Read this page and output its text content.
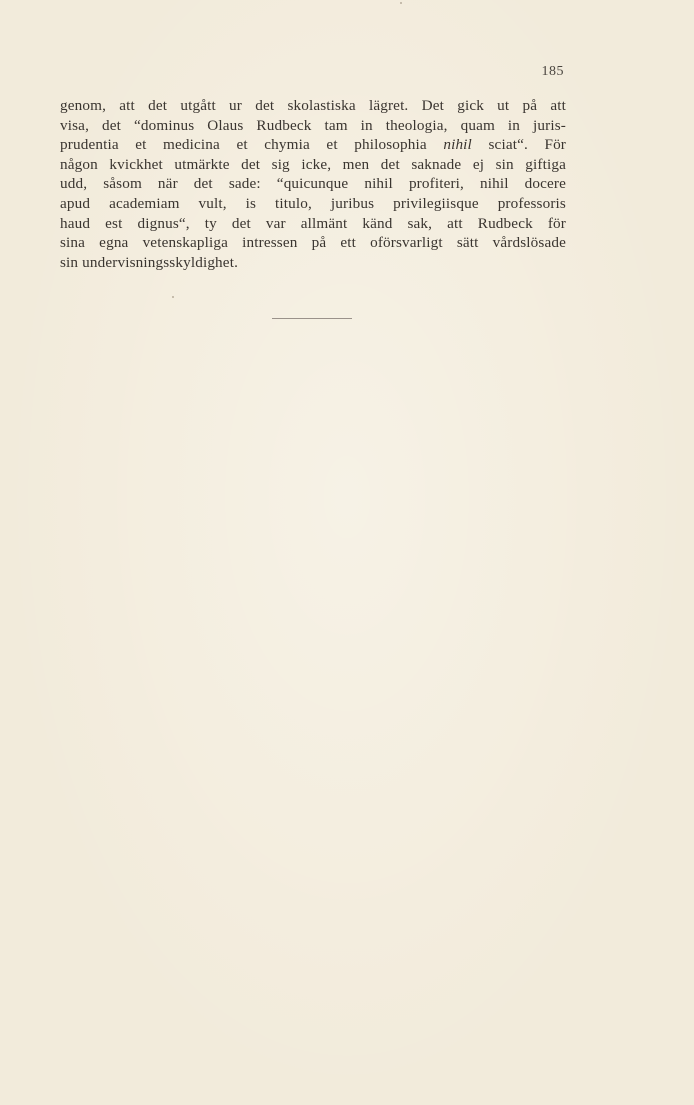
185
genom, att det utgått ur det skolastiska lägret. Det gick ut på att
visa, det “dominus Olaus Rudbeck tam in theologia, quam in juris-
prudentia et medicina et chymia et philosophia nihil sciat“. För
någon kvickhet utmärkte det sig icke, men det saknade ej sin giftiga
udd, såsom när det sade: “quicunque nihil profiteri, nihil docere
apud academiam vult, is titulo, juribus privilegiisque professoris
haud est dignus“, ty det var allmänt känd sak, att Rudbeck för
sina egna vetenskapliga intressen på ett oförsvarligt sätt vårdslösade
sin undervisningsskyldighet.
